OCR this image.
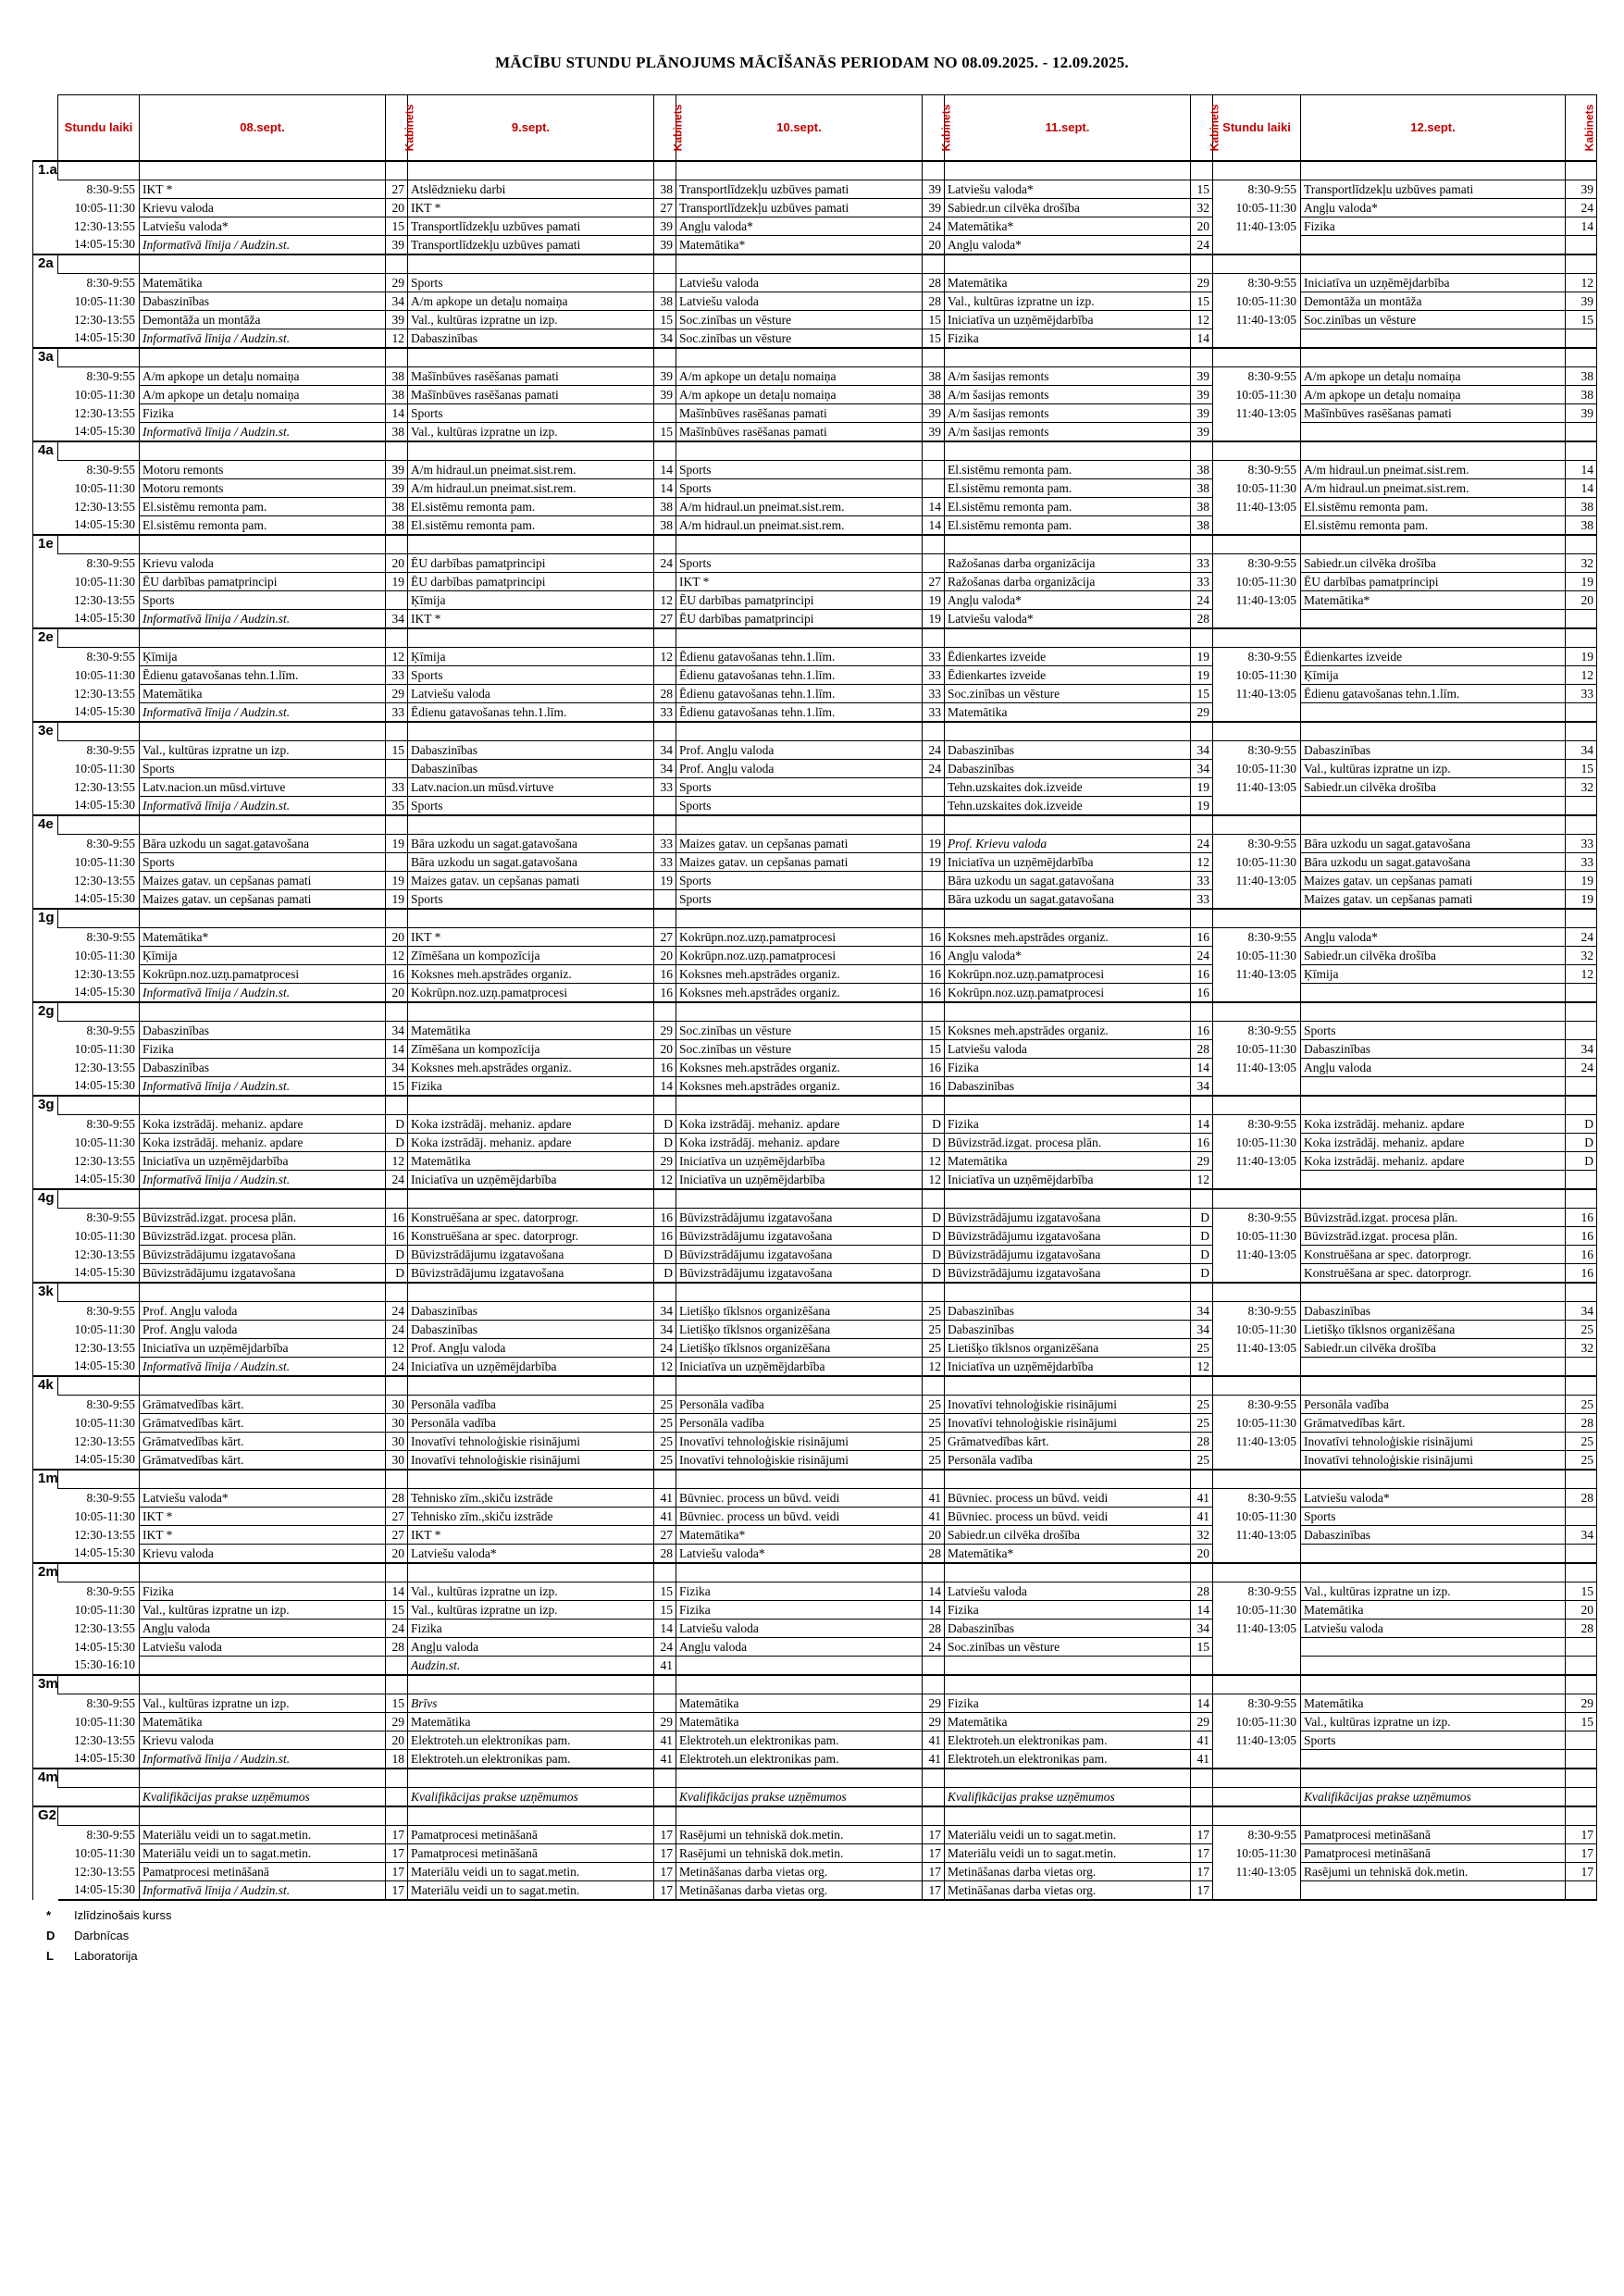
MĀCĪBU STUNDU PLĀNOJUMS MĀCĪŠANĀS PERIODAM NO 08.09.2025. - 12.09.2025.
	Stundu laiki	08.sept.	Kabinets	9.sept.	Kabinets	10.sept.	Kabinets	11.sept.	Kabinets	Stundu laiki	12.sept.	Kabinets
1.a												
	8:30-9:55	IKT *	27	Atslēdznieku darbi	38	Transportlīdzekļu uzbūves pamati	39	Latviešu valoda*	15	8:30-9:55	Transportlīdzekļu uzbūves pamati	39
	10:05-11:30	Krievu valoda	20	IKT *	27	Transportlīdzekļu uzbūves pamati	39	Sabiedr.un cilvēka drošība	32	10:05-11:30	Angļu valoda*	24
	12:30-13:55	Latviešu valoda*	15	Transportlīdzekļu uzbūves pamati	39	Angļu valoda*	24	Matemātika*	20	11:40-13:05	Fizika	14
	14:05-15:30	Informatīvā līnija / Audzin.st.	39	Transportlīdzekļu uzbūves pamati	39	Matemātika*	20	Angļu valoda*	24			
2a												
	8:30-9:55	Matemātika	29	Sports		Latviešu valoda	28	Matemātika	29	8:30-9:55	Iniciatīva un uzņēmējdarbība	12
	10:05-11:30	Dabaszinības	34	A/m apkope un detaļu nomaiņa	38	Latviešu valoda	28	Val., kultūras izpratne un izp.	15	10:05-11:30	Demontāža un montāža	39
	12:30-13:55	Demontāža un montāža	39	Val., kultūras izpratne un izp.	15	Soc.zinības un vēsture	15	Iniciatīva un uzņēmējdarbība	12	11:40-13:05	Soc.zinības un vēsture	15
	14:05-15:30	Informatīvā līnija / Audzin.st.	12	Dabaszinības	34	Soc.zinības un vēsture	15	Fizika	14			
3a												
	8:30-9:55	A/m apkope un detaļu nomaiņa	38	Mašīnbūves rasēšanas pamati	39	A/m apkope un detaļu nomaiņa	38	A/m šasijas remonts	39	8:30-9:55	A/m apkope un detaļu nomaiņa	38
	10:05-11:30	A/m apkope un detaļu nomaiņa	38	Mašīnbūves rasēšanas pamati	39	A/m apkope un detaļu nomaiņa	38	A/m šasijas remonts	39	10:05-11:30	A/m apkope un detaļu nomaiņa	38
	12:30-13:55	Fizika	14	Sports		Mašīnbūves rasēšanas pamati	39	A/m šasijas remonts	39	11:40-13:05	Mašīnbūves rasēšanas pamati	39
	14:05-15:30	Informatīvā līnija / Audzin.st.	38	Val., kultūras izpratne un izp.	15	Mašīnbūves rasēšanas pamati	39	A/m šasijas remonts	39			
4a												
	8:30-9:55	Motoru remonts	39	A/m hidraul.un pneimat.sist.rem.	14	Sports		El.sistēmu remonta pam.	38	8:30-9:55	A/m hidraul.un pneimat.sist.rem.	14
	10:05-11:30	Motoru remonts	39	A/m hidraul.un pneimat.sist.rem.	14	Sports		El.sistēmu remonta pam.	38	10:05-11:30	A/m hidraul.un pneimat.sist.rem.	14
	12:30-13:55	El.sistēmu remonta pam.	38	El.sistēmu remonta pam.	38	A/m hidraul.un pneimat.sist.rem.	14	El.sistēmu remonta pam.	38	11:40-13:05	El.sistēmu remonta pam.	38
	14:05-15:30	El.sistēmu remonta pam.	38	El.sistēmu remonta pam.	38	A/m hidraul.un pneimat.sist.rem.	14	El.sistēmu remonta pam.	38		El.sistēmu remonta pam.	38
1e												
	8:30-9:55	Krievu valoda	20	ĒU darbības pamatprincipi	24	Sports		Ražošanas darba organizācija	33	8:30-9:55	Sabiedr.un cilvēka drošība	32
	10:05-11:30	ĒU darbības pamatprincipi	19	ĒU darbības pamatprincipi		IKT *	27	Ražošanas darba organizācija	33	10:05-11:30	ĒU darbības pamatprincipi	19
	12:30-13:55	Sports		Ķīmija	12	ĒU darbības pamatprincipi	19	Angļu valoda*	24	11:40-13:05	Matemātika*	20
	14:05-15:30	Informatīvā līnija / Audzin.st.	34	IKT *	27	ĒU darbības pamatprincipi	19	Latviešu valoda*	28			
2e												
	8:30-9:55	Ķīmija	12	Ķīmija	12	Ēdienu gatavošanas tehn.1.līm.	33	Ēdienkartes izveide	19	8:30-9:55	Ēdienkartes izveide	19
	10:05-11:30	Ēdienu gatavošanas tehn.1.līm.	33	Sports		Ēdienu gatavošanas tehn.1.līm.	33	Ēdienkartes izveide	19	10:05-11:30	Ķīmija	12
	12:30-13:55	Matemātika	29	Latviešu valoda	28	Ēdienu gatavošanas tehn.1.līm.	33	Soc.zinības un vēsture	15	11:40-13:05	Ēdienu gatavošanas tehn.1.līm.	33
	14:05-15:30	Informatīvā līnija / Audzin.st.	33	Ēdienu gatavošanas tehn.1.līm.	33	Ēdienu gatavošanas tehn.1.līm.	33	Matemātika	29			
3e												
	8:30-9:55	Val., kultūras izpratne un izp.	15	Dabaszinības	34	Prof. Angļu valoda	24	Dabaszinības	34	8:30-9:55	Dabaszinības	34
	10:05-11:30	Sports		Dabaszinības	34	Prof. Angļu valoda	24	Dabaszinības	34	10:05-11:30	Val., kultūras izpratne un izp.	15
	12:30-13:55	Latv.nacion.un mūsd.virtuve	33	Latv.nacion.un mūsd.virtuve	33	Sports		Tehn.uzskaites dok.izveide	19	11:40-13:05	Sabiedr.un cilvēka drošība	32
	14:05-15:30	Informatīvā līnija / Audzin.st.	35	Sports		Sports		Tehn.uzskaites dok.izveide	19			
4e												
	8:30-9:55	Bāra uzkodu un sagat.gatavošana	19	Bāra uzkodu un sagat.gatavošana	33	Maizes gatav. un cepšanas pamati	19	Prof. Krievu valoda	24	8:30-9:55	Bāra uzkodu un sagat.gatavošana	33
	10:05-11:30	Sports		Bāra uzkodu un sagat.gatavošana	33	Maizes gatav. un cepšanas pamati	19	Iniciatīva un uzņēmējdarbība	12	10:05-11:30	Bāra uzkodu un sagat.gatavošana	33
	12:30-13:55	Maizes gatav. un cepšanas pamati	19	Maizes gatav. un cepšanas pamati	19	Sports		Bāra uzkodu un sagat.gatavošana	33	11:40-13:05	Maizes gatav. un cepšanas pamati	19
	14:05-15:30	Maizes gatav. un cepšanas pamati	19	Sports		Sports		Bāra uzkodu un sagat.gatavošana	33		Maizes gatav. un cepšanas pamati	19
1g												
	8:30-9:55	Matemātika*	20	IKT *	27	Kokrūpn.noz.uzņ.pamatprocesi	16	Koksnes meh.apstrādes organiz.	16	8:30-9:55	Angļu valoda*	24
	10:05-11:30	Ķīmija	12	Zīmēšana un kompozīcija	20	Kokrūpn.noz.uzņ.pamatprocesi	16	Angļu valoda*	24	10:05-11:30	Sabiedr.un cilvēka drošība	32
	12:30-13:55	Kokrūpn.noz.uzņ.pamatprocesi	16	Koksnes meh.apstrādes organiz.	16	Koksnes meh.apstrādes organiz.	16	Kokrūpn.noz.uzņ.pamatprocesi	16	11:40-13:05	Ķīmija	12
	14:05-15:30	Informatīvā līnija / Audzin.st.	20	Kokrūpn.noz.uzņ.pamatprocesi	16	Koksnes meh.apstrādes organiz.	16	Kokrūpn.noz.uzņ.pamatprocesi	16			
2g												
	8:30-9:55	Dabaszinības	34	Matemātika	29	Soc.zinības un vēsture	15	Koksnes meh.apstrādes organiz.	16	8:30-9:55	Sports	
	10:05-11:30	Fizika	14	Zīmēšana un kompozīcija	20	Soc.zinības un vēsture	15	Latviešu valoda	28	10:05-11:30	Dabaszinības	34
	12:30-13:55	Dabaszinības	34	Koksnes meh.apstrādes organiz.	16	Koksnes meh.apstrādes organiz.	16	Fizika	14	11:40-13:05	Angļu valoda	24
	14:05-15:30	Informatīvā līnija / Audzin.st.	15	Fizika	14	Koksnes meh.apstrādes organiz.	16	Dabaszinības	34			
3g												
	8:30-9:55	Koka izstrādāj. mehaniz. apdare	D	Koka izstrādāj. mehaniz. apdare	D	Koka izstrādāj. mehaniz. apdare	D	Fizika	14	8:30-9:55	Koka izstrādāj. mehaniz. apdare	D
	10:05-11:30	Koka izstrādāj. mehaniz. apdare	D	Koka izstrādāj. mehaniz. apdare	D	Koka izstrādāj. mehaniz. apdare	D	Būvizstrād.izgat. procesa plān.	16	10:05-11:30	Koka izstrādāj. mehaniz. apdare	D
	12:30-13:55	Iniciatīva un uzņēmējdarbība	12	Matemātika	29	Iniciatīva un uzņēmējdarbība	12	Matemātika	29	11:40-13:05	Koka izstrādāj. mehaniz. apdare	D
	14:05-15:30	Informatīvā līnija / Audzin.st.	24	Iniciatīva un uzņēmējdarbība	12	Iniciatīva un uzņēmējdarbība	12	Iniciatīva un uzņēmējdarbība	12			
4g												
	8:30-9:55	Būvizstrād.izgat. procesa plān.	16	Konstruēšana ar spec. datorprogr.	16	Būvizstrādājumu izgatavošana	D	Būvizstrādājumu izgatavošana	D	8:30-9:55	Būvizstrād.izgat. procesa plān.	16
	10:05-11:30	Būvizstrād.izgat. procesa plān.	16	Konstruēšana ar spec. datorprogr.	16	Būvizstrādājumu izgatavošana	D	Būvizstrādājumu izgatavošana	D	10:05-11:30	Būvizstrād.izgat. procesa plān.	16
	12:30-13:55	Būvizstrādājumu izgatavošana	D	Būvizstrādājumu izgatavošana	D	Būvizstrādājumu izgatavošana	D	Būvizstrādājumu izgatavošana	D	11:40-13:05	Konstruēšana ar spec. datorprogr.	16
	14:05-15:30	Būvizstrādājumu izgatavošana	D	Būvizstrādājumu izgatavošana	D	Būvizstrādājumu izgatavošana	D	Būvizstrādājumu izgatavošana	D		Konstruēšana ar spec. datorprogr.	16
3k												
	8:30-9:55	Prof. Angļu valoda	24	Dabaszinības	34	Lietišķo tīklsnos organizēšana	25	Dabaszinības	34	8:30-9:55	Dabaszinības	34
	10:05-11:30	Prof. Angļu valoda	24	Dabaszinības	34	Lietišķo tīklsnos organizēšana	25	Dabaszinības	34	10:05-11:30	Lietišķo tīklsnos organizēšana	25
	12:30-13:55	Iniciatīva un uzņēmējdarbība	12	Prof. Angļu valoda	24	Lietišķo tīklsnos organizēšana	25	Lietišķo tīklsnos organizēšana	25	11:40-13:05	Sabiedr.un cilvēka drošība	32
	14:05-15:30	Informatīvā līnija / Audzin.st.	24	Iniciatīva un uzņēmējdarbība	12	Iniciatīva un uzņēmējdarbība	12	Iniciatīva un uzņēmējdarbība	12			
4k												
	8:30-9:55	Grāmatvedības kārt.	30	Personāla vadība	25	Personāla vadība	25	Inovatīvi tehnoloģiskie risinājumi	25	8:30-9:55	Personāla vadība	25
	10:05-11:30	Grāmatvedības kārt.	30	Personāla vadība	25	Personāla vadība	25	Inovatīvi tehnoloģiskie risinājumi	25	10:05-11:30	Grāmatvedības kārt.	28
	12:30-13:55	Grāmatvedības kārt.	30	Inovatīvi tehnoloģiskie risinājumi	25	Inovatīvi tehnoloģiskie risinājumi	25	Grāmatvedības kārt.	28	11:40-13:05	Inovatīvi tehnoloģiskie risinājumi	25
	14:05-15:30	Grāmatvedības kārt.	30	Inovatīvi tehnoloģiskie risinājumi	25	Inovatīvi tehnoloģiskie risinājumi	25	Personāla vadība	25		Inovatīvi tehnoloģiskie risinājumi	25
1m												
	8:30-9:55	Latviešu valoda*	28	Tehnisko zīm.,skiču izstrāde	41	Būvniec. process un būvd. veidi	41	Būvniec. process un būvd. veidi	41	8:30-9:55	Latviešu valoda*	28
	10:05-11:30	IKT *	27	Tehnisko zīm.,skiču izstrāde	41	Būvniec. process un būvd. veidi	41	Būvniec. process un būvd. veidi	41	10:05-11:30	Sports	
	12:30-13:55	IKT *	27	IKT *	27	Matemātika*	20	Sabiedr.un cilvēka drošība	32	11:40-13:05	Dabaszinības	34
	14:05-15:30	Krievu valoda	20	Latviešu valoda*	28	Latviešu valoda*	28	Matemātika*	20			
2m												
	8:30-9:55	Fizika	14	Val., kultūras izpratne un izp.	15	Fizika	14	Latviešu valoda	28	8:30-9:55	Val., kultūras izpratne un izp.	15
	10:05-11:30	Val., kultūras izpratne un izp.	15	Val., kultūras izpratne un izp.	15	Fizika	14	Fizika	14	10:05-11:30	Matemātika	20
	12:30-13:55	Angļu valoda	24	Fizika	14	Latviešu valoda	28	Dabaszinības	34	11:40-13:05	Latviešu valoda	28
	14:05-15:30	Latviešu valoda	28	Angļu valoda	24	Angļu valoda	24	Soc.zinības un vēsture	15			
	15:30-16:10			Audzin.st.	41							
3m												
	8:30-9:55	Val., kultūras izpratne un izp.	15	Brīvs		Matemātika	29	Fizika	14	8:30-9:55	Matemātika	29
	10:05-11:30	Matemātika	29	Matemātika	29	Matemātika	29	Matemātika	29	10:05-11:30	Val., kultūras izpratne un izp.	15
	12:30-13:55	Krievu valoda	20	Elektroteh.un elektronikas pam.	41	Elektroteh.un elektronikas pam.	41	Elektroteh.un elektronikas pam.	41	11:40-13:05	Sports	
	14:05-15:30	Informatīvā līnija / Audzin.st.	18	Elektroteh.un elektronikas pam.	41	Elektroteh.un elektronikas pam.	41	Elektroteh.un elektronikas pam.	41			
4m												
		Kvalifikācijas prakse uzņēmumos		Kvalifikācijas prakse uzņēmumos		Kvalifikācijas prakse uzņēmumos		Kvalifikācijas prakse uzņēmumos			Kvalifikācijas prakse uzņēmumos	
G2												
	8:30-9:55	Materiālu veidi un to sagat.metin.	17	Pamatprocesi metināšanā	17	Rasējumi un tehniskā dok.metin.	17	Materiālu veidi un to sagat.metin.	17	8:30-9:55	Pamatprocesi metināšanā	17
	10:05-11:30	Materiālu veidi un to sagat.metin.	17	Pamatprocesi metināšanā	17	Rasējumi un tehniskā dok.metin.	17	Materiālu veidi un to sagat.metin.	17	10:05-11:30	Pamatprocesi metināšanā	17
	12:30-13:55	Pamatprocesi metināšanā	17	Materiālu veidi un to sagat.metin.	17	Metināšanas darba vietas org.	17	Metināšanas darba vietas org.	17	11:40-13:05	Rasējumi un tehniskā dok.metin.	17
	14:05-15:30	Informatīvā līnija / Audzin.st.	17	Materiālu veidi un to sagat.metin.	17	Metināšanas darba vietas org.	17	Metināšanas darba vietas org.	17			
*	Izlīdzinošais kurss
D	Darbnīcas
L	Laboratorija
